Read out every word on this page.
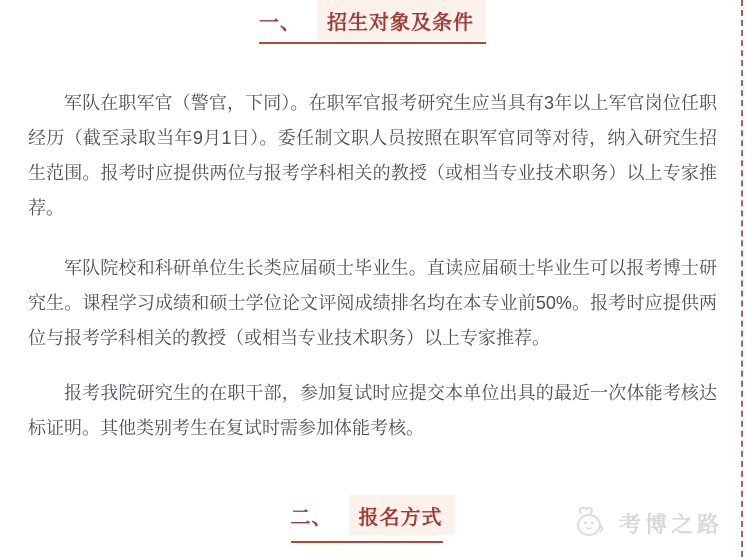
一、	招生对象及条件

军队在职军官（警官，下同）。在职军官报考研究生应当具有3年以上军官岗位任职经历（截至录取当年9月1日）。委任制文职人员按照在职军官同等对待，纳入研究生招生范围。报考时应提供两位与报考学科相关的教授（或相当专业技术职务）以上专家推荐。

军队院校和科研单位生长类应届硕士毕业生。直读应届硕士毕业生可以报考博士研究生。课程学习成绩和硕士学位论文评阅成绩排名均在本专业前50%。报考时应提供两位与报考学科相关的教授（或相当专业技术职务）以上专家推荐。

报考我院研究生的在职干部，参加复试时应提交本单位出具的最近一次体能考核达标证明。其他类别考生在复试时需参加体能考核。

二、	报名方式	考博之路
